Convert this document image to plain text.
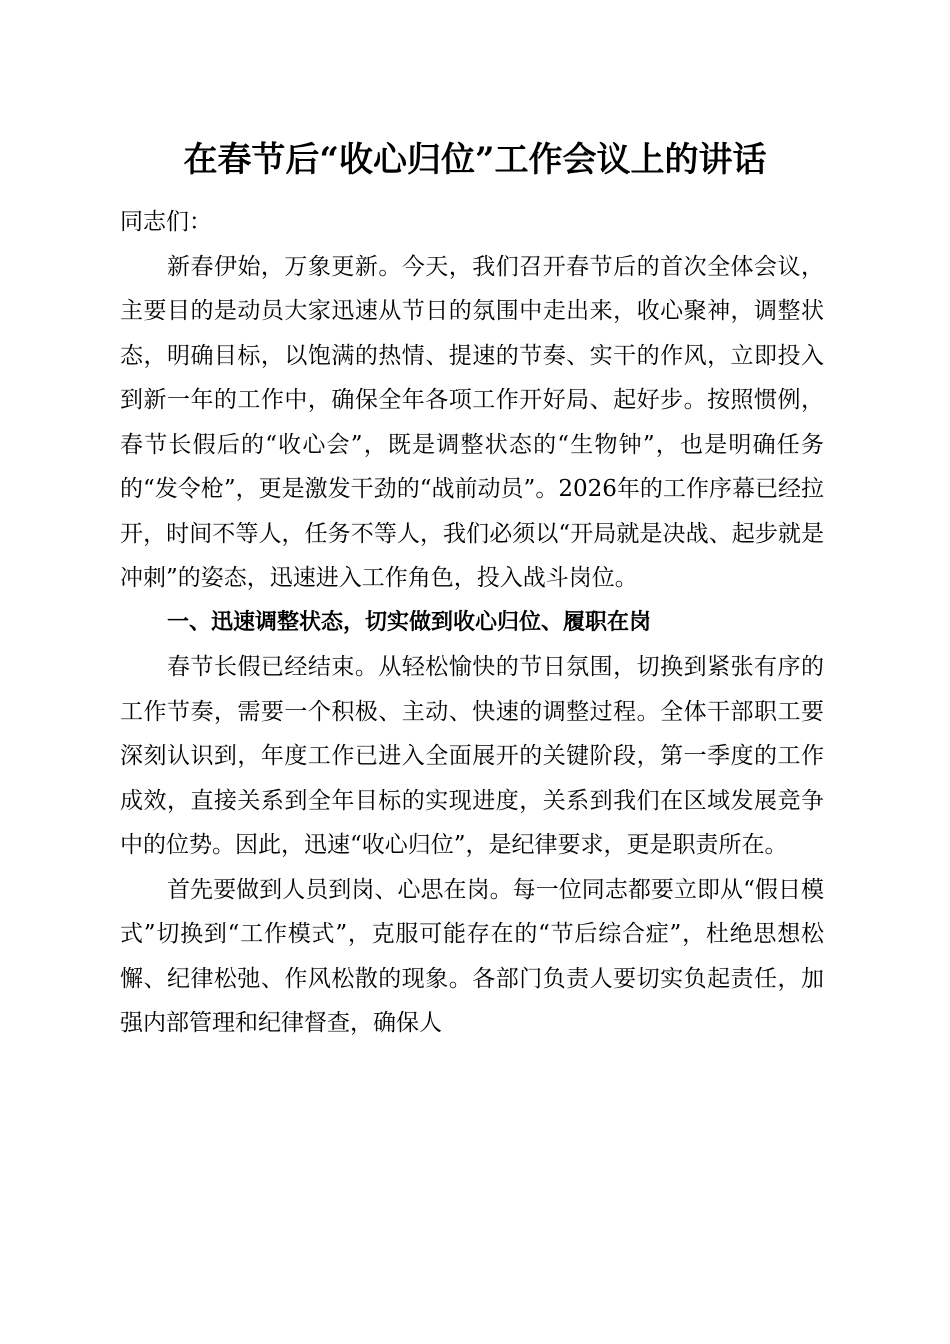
在春节后“收心归位”工作会议上的讲话

同志们：

新春伊始，万象更新。今天，我们召开春节后的首次全体会议，主要目的是动员大家迅速从节日的氛围中走出来，收心聚神，调整状态，明确目标，以饱满的热情、提速的节奏、实干的作风，立即投入到新一年的工作中，确保全年各项工作开好局、起好步。按照惯例，春节长假后的“收心会”，既是调整状态的“生物钟”，也是明确任务的“发令枪”，更是激发干劲的“战前动员”。2026年的工作序幕已经拉开，时间不等人，任务不等人，我们必须以“开局就是决战、起步就是冲刺”的姿态，迅速进入工作角色，投入战斗岗位。

一、迅速调整状态，切实做到收心归位、履职在岗

春节长假已经结束。从轻松愉快的节日氛围，切换到紧张有序的工作节奏，需要一个积极、主动、快速的调整过程。全体干部职工要深刻认识到，年度工作已进入全面展开的关键阶段，第一季度的工作成效，直接关系到全年目标的实现进度，关系到我们在区域发展竞争中的位势。因此，迅速“收心归位”，是纪律要求，更是职责所在。

首先要做到人员到岗、心思在岗。每一位同志都要立即从“假日模式”切换到“工作模式”，克服可能存在的“节后综合症”，杜绝思想松懈、纪律松弛、作风松散的现象。各部门负责人要切实负起责任，加强内部管理和纪律督查，确保人
